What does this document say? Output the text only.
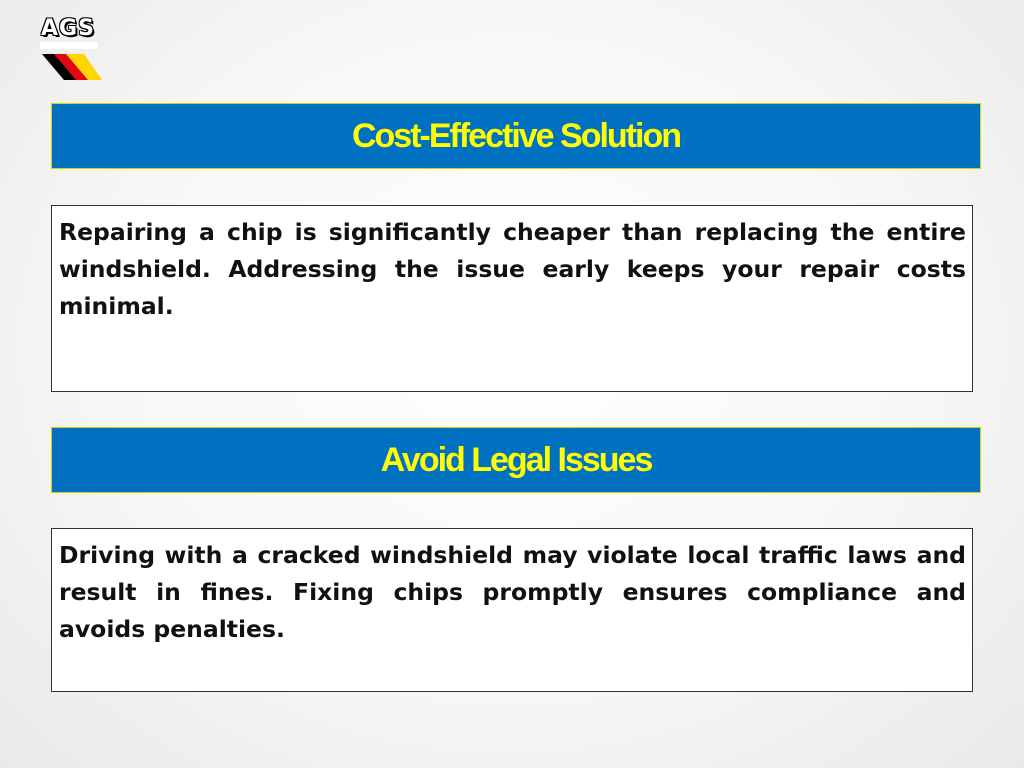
AGS
Cost-Effective Solution

Repairing a chip is significantly cheaper than replacing the entire windshield. Addressing the issue early keeps your repair costs minimal.

Avoid Legal Issues

Driving with a cracked windshield may violate local traffic laws and result in fines. Fixing chips promptly ensures compliance and avoids penalties.
